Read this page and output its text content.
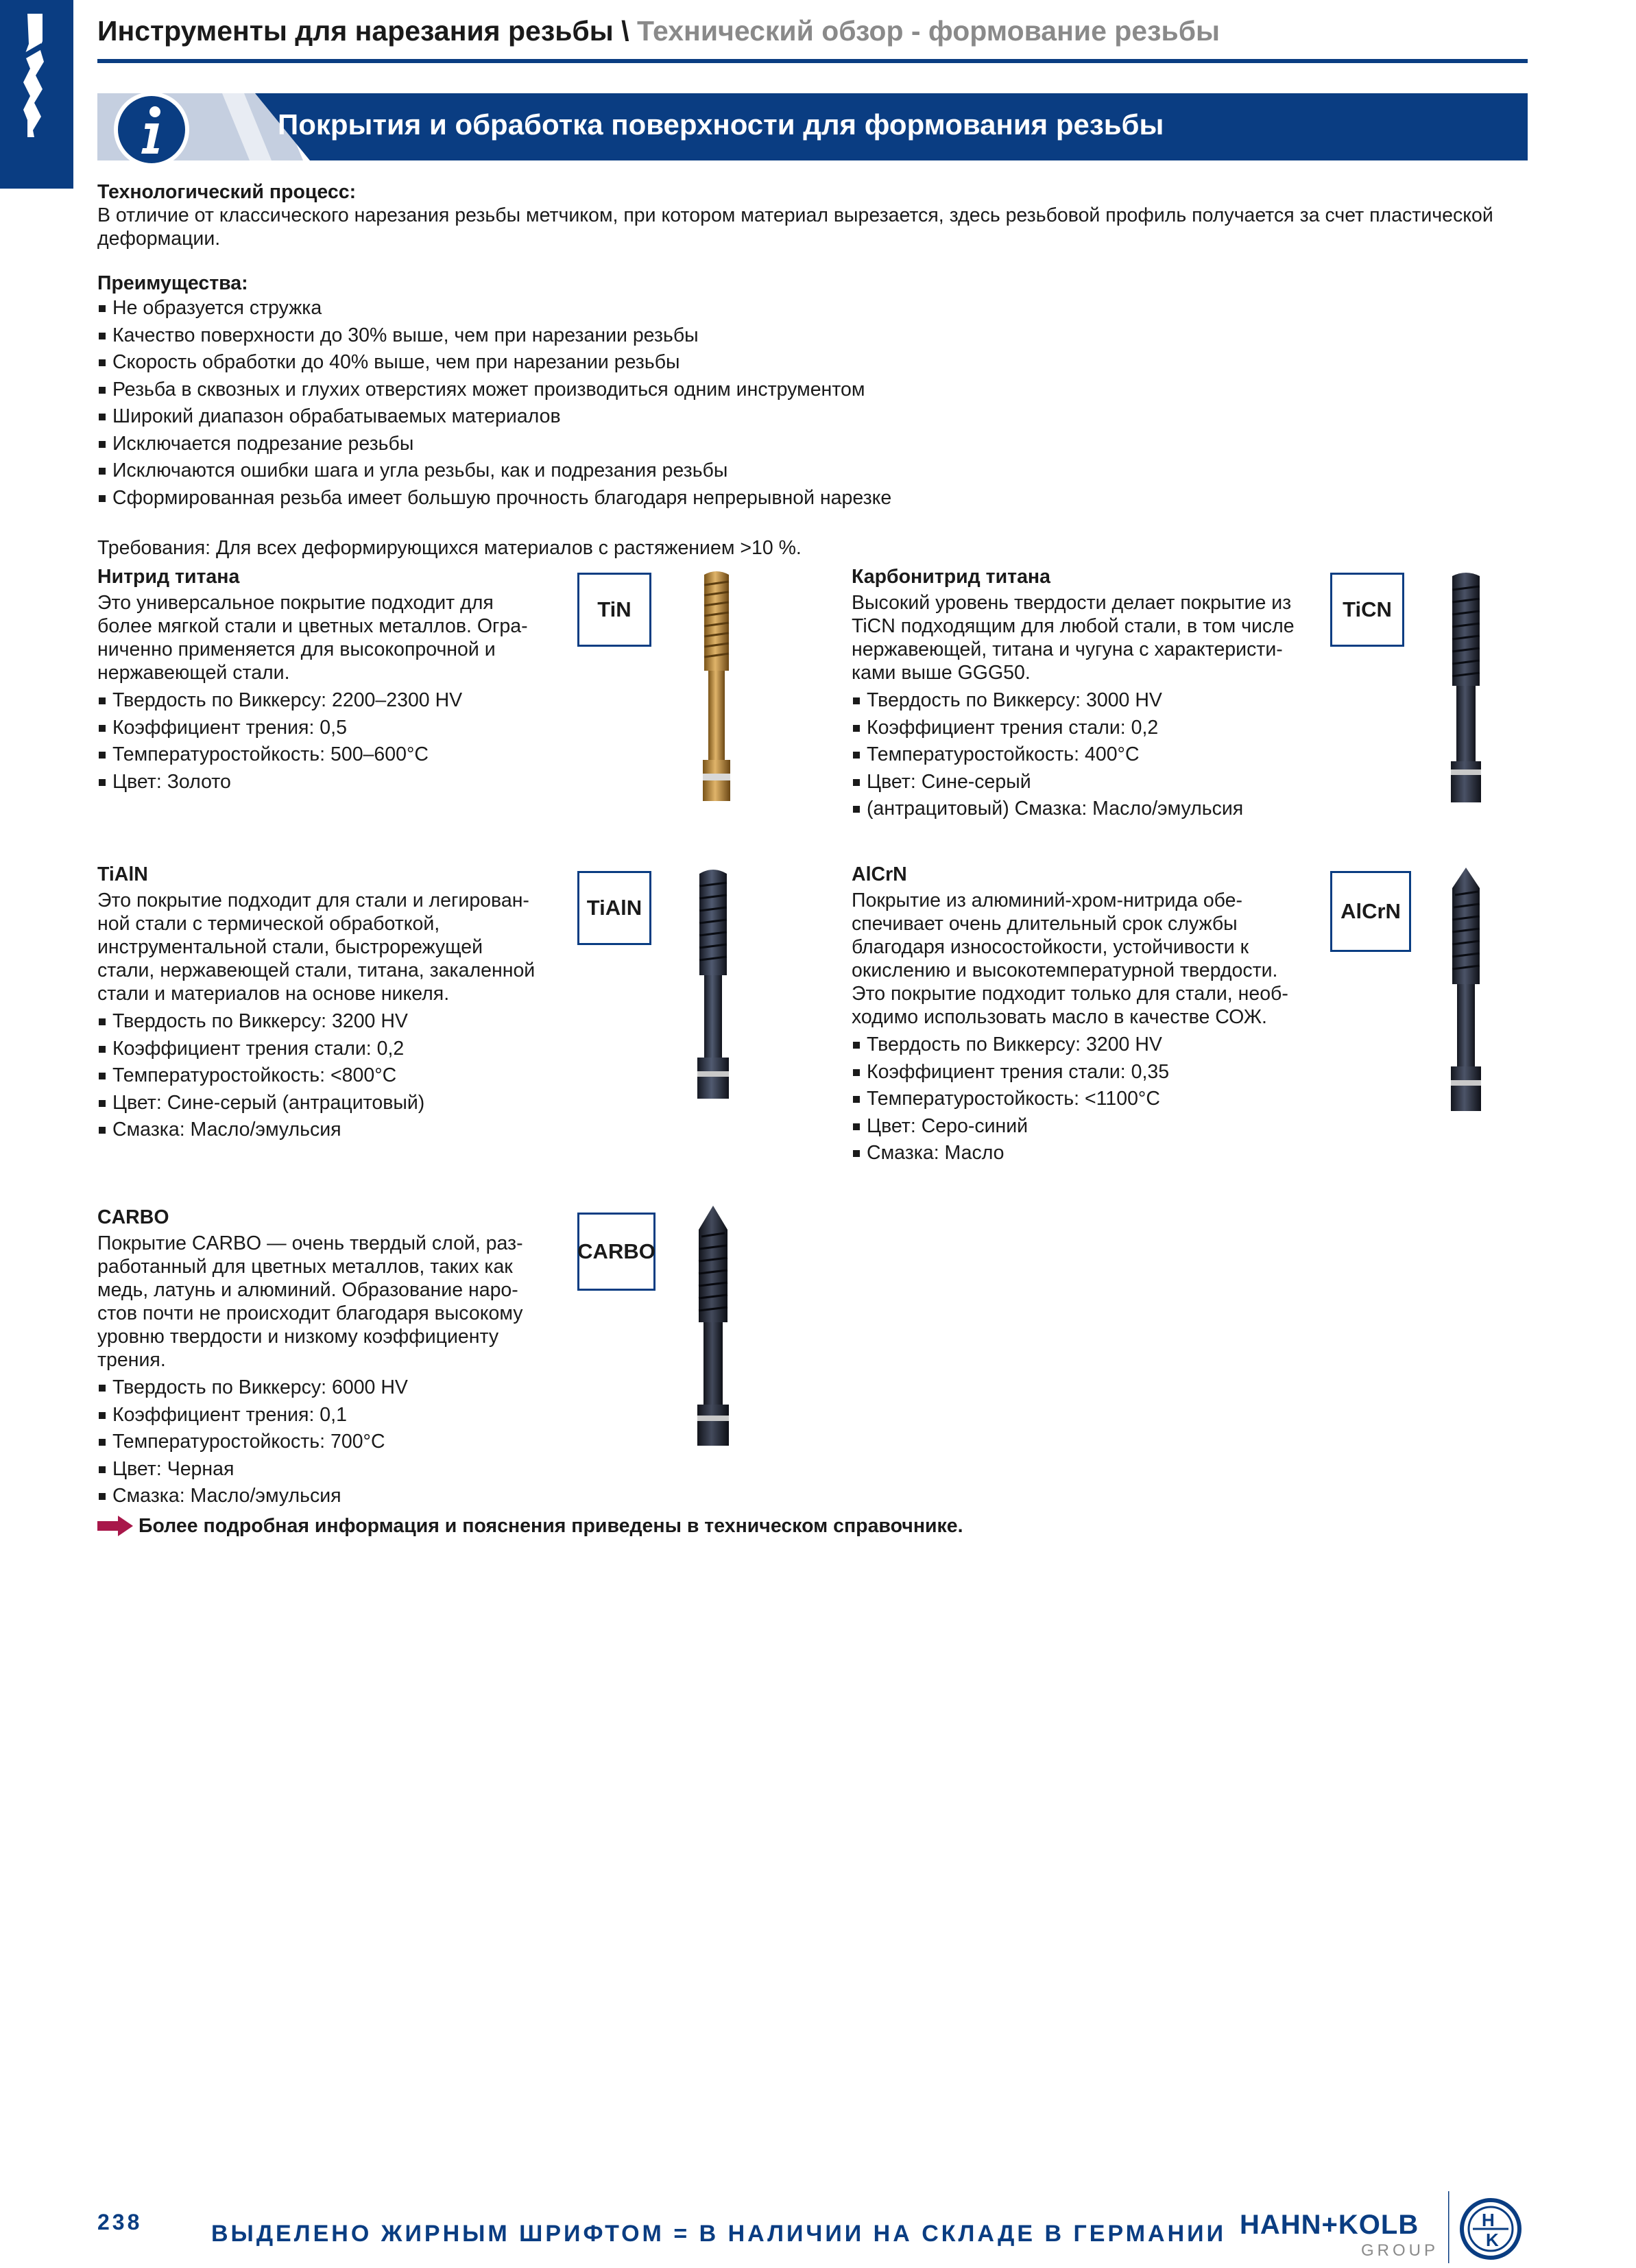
Инструменты для нарезания резьбы \ Технический обзор - формование резьбы
Покрытия и обработка поверхности для формования резьбы
Технологический процесс:
В отличие от классического нарезания резьбы метчиком, при котором материал вырезается, здесь резьбовой профиль получается за счет пластической
деформации.
Преимущества:
Не образуется стружка
Качество поверхности до 30% выше, чем при нарезании резьбы
Скорость обработки до 40% выше, чем при нарезании резьбы
Резьба в сквозных и глухих отверстиях может производиться одним инструментом
Широкий диапазон обрабатываемых материалов
Исключается подрезание резьбы
Исключаются ошибки шага и угла резьбы, как и подрезания резьбы
Сформированная резьба имеет большую прочность благодаря непрерывной нарезке
Требования: Для всех деформирующихся материалов с растяжением >10 %.
Нитрид титана
Это универсальное покрытие подходит для
более мягкой стали и цветных металлов. Огра-
ниченно применяется для высокопрочной и
нержавеющей стали.
Твердость по Виккерсу: 2200–2300 HV
Коэффициент трения: 0,5
Температуростойкость: 500–600°C
Цвет: Золото
TiN
Карбонитрид титана
Высокий уровень твердости делает покрытие из
TiCN подходящим для любой стали, в том числе
нержавеющей, титана и чугуна с характеристи-
ками выше GGG50.
Твердость по Виккерсу: 3000 HV
Коэффициент трения стали: 0,2
Температуростойкость: 400°C
Цвет: Сине-серый
(антрацитовый) Смазка: Масло/эмульсия
TiCN
TiAlN
Это покрытие подходит для стали и легирован-
ной стали с термической обработкой,
инструментальной стали, быстрорежущей
стали, нержавеющей стали, титана, закаленной
стали и материалов на основе никеля.
Твердость по Виккерсу: 3200 HV
Коэффициент трения стали: 0,2
Температуростойкость: <800°C
Цвет: Сине-серый (антрацитовый)
Смазка: Масло/эмульсия
TiAlN
AlCrN
Покрытие из алюминий-хром-нитрида обе-
спечивает очень длительный срок службы
благодаря износостойкости, устойчивости к
окислению и высокотемпературной твердости.
Это покрытие подходит только для стали, необ-
ходимо использовать масло в качестве СОЖ.
Твердость по Виккерсу: 3200 HV
Коэффициент трения стали: 0,35
Температуростойкость: <1100°C
Цвет: Серо-синий
Смазка: Масло
AlCrN
CARBO
Покрытие CARBO — очень твердый слой, раз-
работанный для цветных металлов, таких как
медь, латунь и алюминий. Образование наро-
стов почти не происходит благодаря высокому
уровню твердости и низкому коэффициенту
трения.
Твердость по Виккерсу: 6000 HV
Коэффициент трения: 0,1
Температуростойкость: 700°C
Цвет: Черная
Смазка: Масло/эмульсия
CARBO
Более подробная информация и пояснения приведены в техническом справочнике.
238	ВЫДЕЛЕНО ЖИРНЫМ ШРИФТОМ = В НАЛИЧИИ НА СКЛАДЕ В ГЕРМАНИИ HAHN+KOLB
GROUP
H
K
